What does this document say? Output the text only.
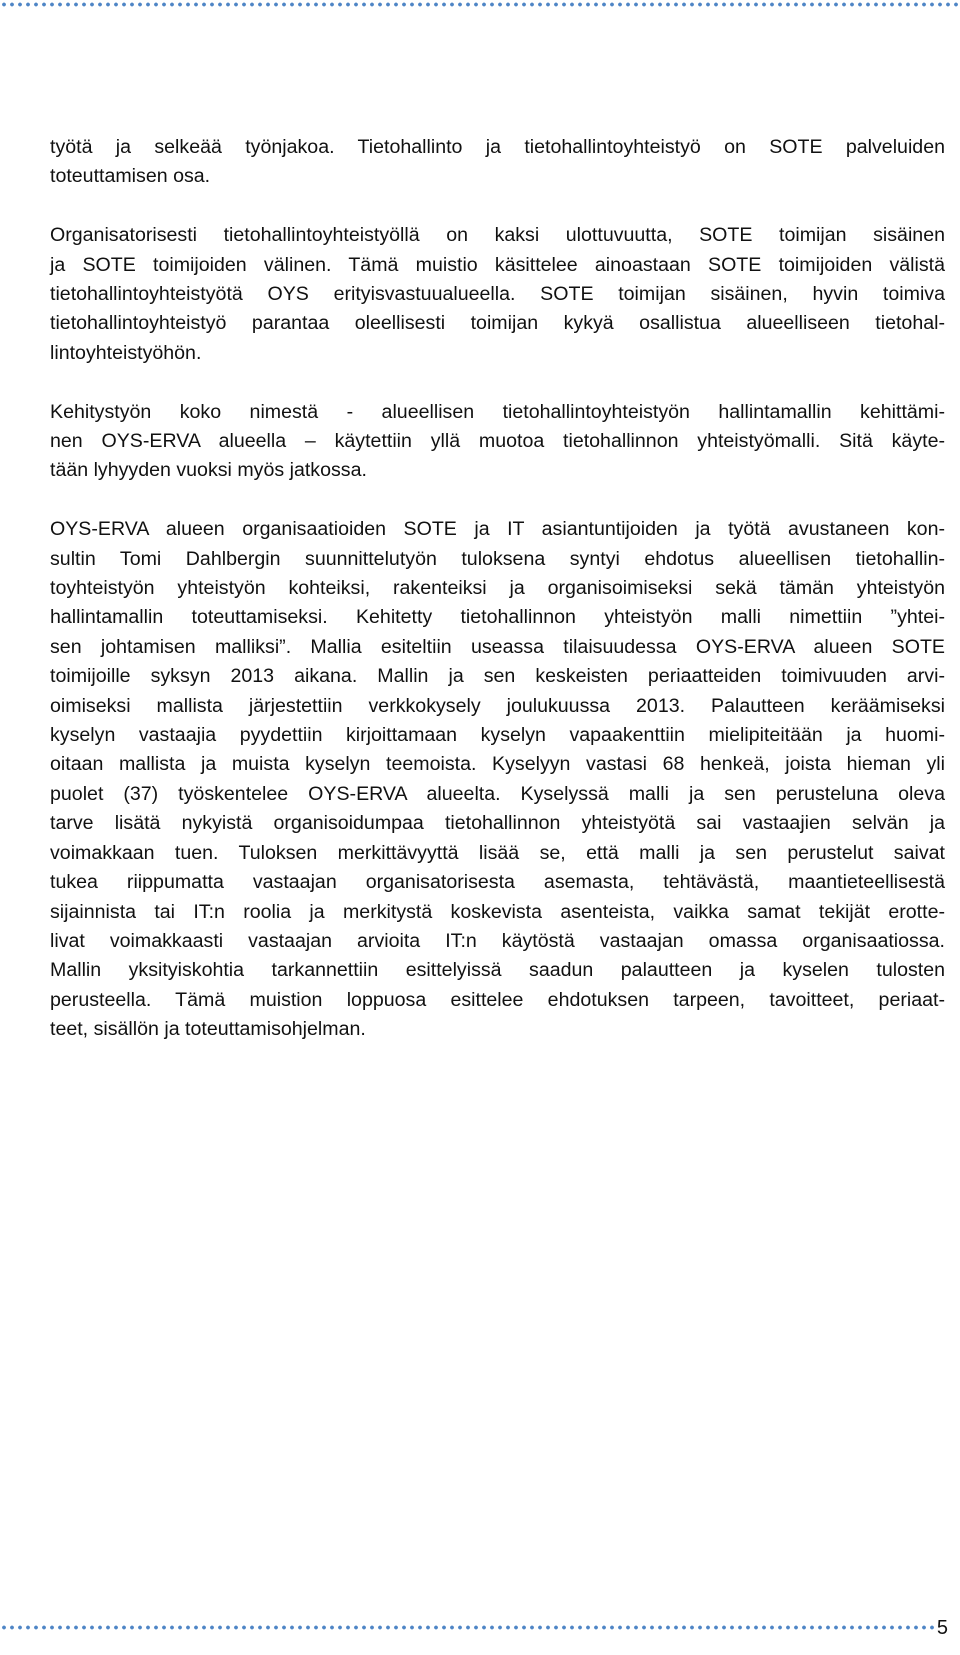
työtä ja selkeää työnjakoa. Tietohallinto ja tietohallintoyhteistyö on SOTE palveluiden
toteuttamisen osa.
Organisatorisesti tietohallintoyhteistyöllä on kaksi ulottuvuutta, SOTE toimijan sisäinen
ja SOTE toimijoiden välinen. Tämä muistio käsittelee ainoastaan SOTE toimijoiden välistä
tietohallintoyhteistyötä OYS erityisvastuualueella. SOTE toimijan sisäinen, hyvin toimiva
tietohallintoyhteistyö parantaa oleellisesti toimijan kykyä osallistua alueelliseen tietohal-
lintoyhteistyöhön.
Kehitystyön koko nimestä - alueellisen tietohallintoyhteistyön hallintamallin kehittämi-
nen OYS-ERVA alueella – käytettiin yllä muotoa tietohallinnon yhteistyömalli. Sitä käyte-
tään lyhyyden vuoksi myös jatkossa.
OYS-ERVA alueen organisaatioiden SOTE ja IT asiantuntijoiden ja työtä avustaneen kon-
sultin Tomi Dahlbergin suunnittelutyön tuloksena syntyi ehdotus alueellisen tietohallin-
toyhteistyön yhteistyön kohteiksi, rakenteiksi ja organisoimiseksi sekä tämän yhteistyön
hallintamallin toteuttamiseksi. Kehitetty tietohallinnon yhteistyön malli nimettiin ”yhtei-
sen johtamisen malliksi”. Mallia esiteltiin useassa tilaisuudessa OYS-ERVA alueen SOTE
toimijoille syksyn 2013 aikana. Mallin ja sen keskeisten periaatteiden toimivuuden arvi-
oimiseksi mallista järjestettiin verkkokysely joulukuussa 2013. Palautteen keräämiseksi
kyselyn vastaajia pyydettiin kirjoittamaan kyselyn vapaakenttiin mielipiteitään ja huomi-
oitaan mallista ja muista kyselyn teemoista. Kyselyyn vastasi 68 henkeä, joista hieman yli
puolet (37) työskentelee OYS-ERVA alueelta. Kyselyssä malli ja sen perusteluna oleva
tarve lisätä nykyistä organisoidumpaa tietohallinnon yhteistyötä sai vastaajien selvän ja
voimakkaan tuen. Tuloksen merkittävyyttä lisää se, että malli ja sen perustelut saivat
tukea riippumatta vastaajan organisatorisesta asemasta, tehtävästä, maantieteellisestä
sijainnista tai IT:n roolia ja merkitystä koskevista asenteista, vaikka samat tekijät erotte-
livat voimakkaasti vastaajan arvioita IT:n käytöstä vastaajan omassa organisaatiossa.
Mallin yksityiskohtia tarkannettiin esittelyissä saadun palautteen ja kyselen tulosten
perusteella. Tämä muistion loppuosa esittelee ehdotuksen tarpeen, tavoitteet, periaat-
teet, sisällön ja toteuttamisohjelman.
5
